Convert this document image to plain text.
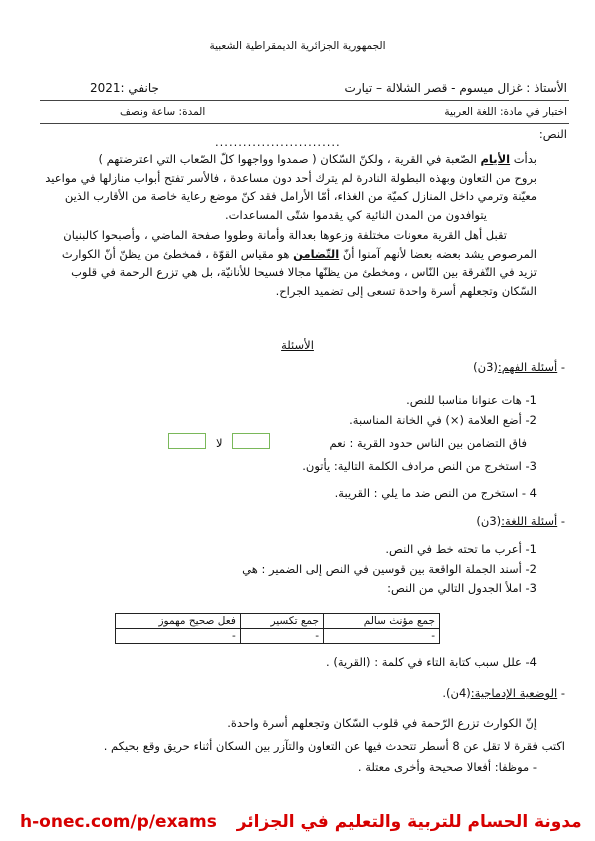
الجمهورية الجزائرية الديمقراطية الشعبية
الأستاذ : غزال ميسوم - قصر الشلالة – تيارت
جانفي :2021
اختبار في مادة: اللغة العربية
المدة: ساعة ونصف
النص:
...........................
بدأت الأيام الصّعبة في القرية ، ولكنّ السّكان ( صمدوا وواجهوا كلّ الصّعاب التي اعترضتهم )
بروح من التعاون وبهذه البطولة النادرة لم يترك أحد دون مساعدة ، فالأسر تفتح أبواب منازلها في مواعيد
معيّنة وترمي داخل المنازل كميّة من الغذاء، أمّا الأرامل فقد كنّ موضع رعاية خاصة من الأقارب الذين
يتوافدون من المدن النائية كي يقدموا شتّى المساعدات.
تقبل أهل القرية معونات مختلفة وزعوها بعدالة وأمانة وطووا صفحة الماضي ، وأصبحوا كالبنيان
المرصوص يشد بعضه بعضا لأنهم آمنوا أنّ التّضامن هو مقياس القوّة ، فمخطئ من يظنّ أنّ الكوارث
تزيد في التّفرقة بين النّاس ، ومخطئ من يظنّها مجالا فسيحا للأنانيّة، بل هي تزرع الرحمة في قلوب
السّكان وتجعلهم أسرة واحدة تسعى إلى تضميد الجراح.
الأسئلة
- أسئلة الفهم:(3ن)
1- هات عنوانا مناسبا للنص.
2- أضع العلامة (×) في الخانة المناسبة.
فاق التضامن بين الناس حدود القرية : نعم
لا
3- استخرج من النص مرادف الكلمة التالية: يأتون.
4 - استخرج من النص ضد ما يلي : القريبة.
- أسئلة اللغة:(3ن)
1- أعرب ما تحته خط في النص.
2- أسند الجملة الواقعة بين قوسين في النص إلى الضمير : هي
3- املأ الجدول التالي من النص:
جمع مؤنث سالم	جمع تكسير	فعل صحيح مهموز
-	-	-
4- علل سبب كتابة التاء في كلمة : (القرية) .
- الوضعية الإدماجية:(4ن).
إنّ الكوارث تزرع الرّحمة في قلوب السّكان وتجعلهم أسرة واحدة.
اكتب فقرة لا تقل عن 8 أسطر تتحدث فيها عن التعاون والتآزر بين السكان أثناء حريق وقع بحيكم .
- موظفا: أفعالا صحيحة وأخرى معتلة .
h-onec.com/p/exams مدونة الحسام للتربية والتعليم في الجزائر
